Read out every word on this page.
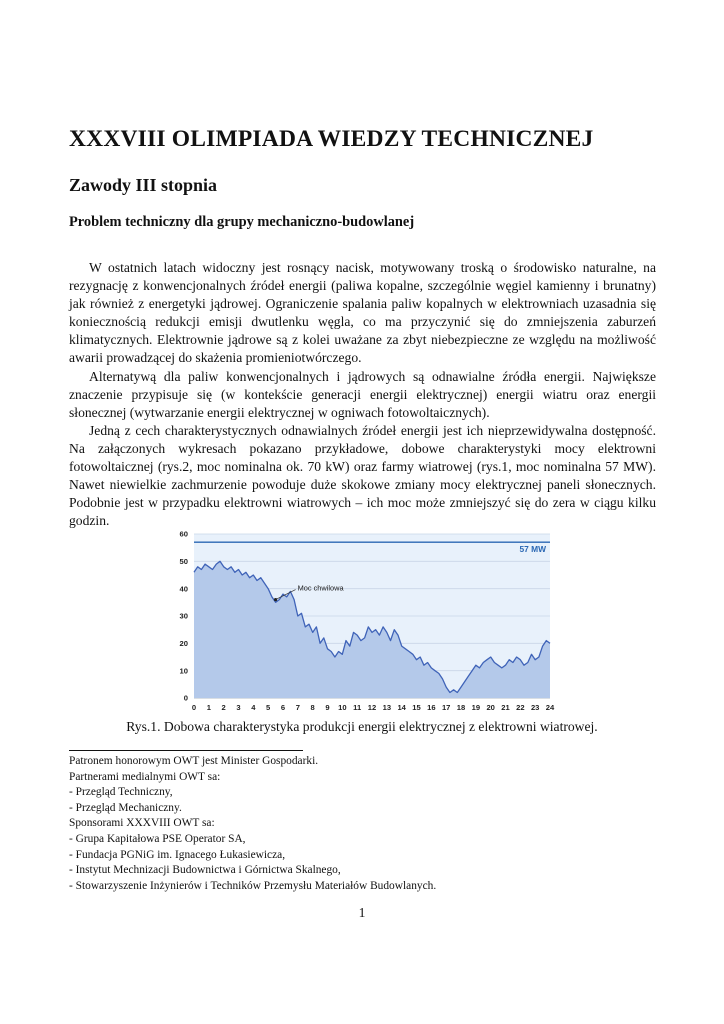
XXXVIII OLIMPIADA WIEDZY TECHNICZNEJ
Zawody III stopnia
Problem techniczny dla grupy mechaniczno-budowlanej

W ostatnich latach widoczny jest rosnący nacisk, motywowany troską o środowisko naturalne, na rezygnację z konwencjonalnych źródeł energii (paliwa kopalne, szczególnie węgiel kamienny i brunatny) jak również z energetyki jądrowej. Ograniczenie spalania paliw kopalnych w elektrowniach uzasadnia się koniecznością redukcji emisji dwutlenku węgla, co ma przyczynić się do zmniejszenia zaburzeń klimatycznych. Elektrownie jądrowe są z kolei uważane za zbyt niebezpieczne ze względu na możliwość awarii prowadzącej do skażenia promieniotwórczego.

Alternatywą dla paliw konwencjonalnych i jądrowych są odnawialne źródła energii. Największe znaczenie przypisuje się (w kontekście generacji energii elektrycznej) energii wiatru oraz energii słonecznej (wytwarzanie energii elektrycznej w ogniwach fotowoltaicznych).

Jedną z cech charakterystycznych odnawialnych źródeł energii jest ich nieprzewidywalna dostępność. Na załączonych wykresach pokazano przykładowe, dobowe charakterystyki mocy elektrowni fotowoltaicznej (rys.2, moc nominalna ok. 70 kW) oraz farmy wiatrowej (rys.1, moc nominalna 57 MW). Nawet niewielkie zachmurzenie powoduje duże skokowe zmiany mocy elektrycznej paneli słonecznych. Podobnie jest w przypadku elektrowni wiatrowych – ich moc może zmniejszyć się do zera w ciągu kilku godzin.

57 MW
Moc chwilowa
0
10
20
30
40
50
60
0 1 2 3 4 5 6 7 8 9 10 11 12 13 14 15 16 17 18 19 20 21 22 23 24
Rys.1. Dobowa charakterystyka produkcji energii elektrycznej z elektrowni wiatrowej.
Patronem honorowym OWT jest Minister Gospodarki.
Partnerami medialnymi OWT sa:
- Przegląd Techniczny,
- Przegląd Mechaniczny.
Sponsorami XXXVIII OWT sa:
- Grupa Kapitałowa PSE Operator SA,
- Fundacja PGNiG im. Ignacego Łukasiewicza,
- Instytut Mechnizacji Budownictwa i Górnictwa Skalnego,
- Stowarzyszenie Inżynierów i Techników Przemysłu Materiałów Budowlanych.
1
